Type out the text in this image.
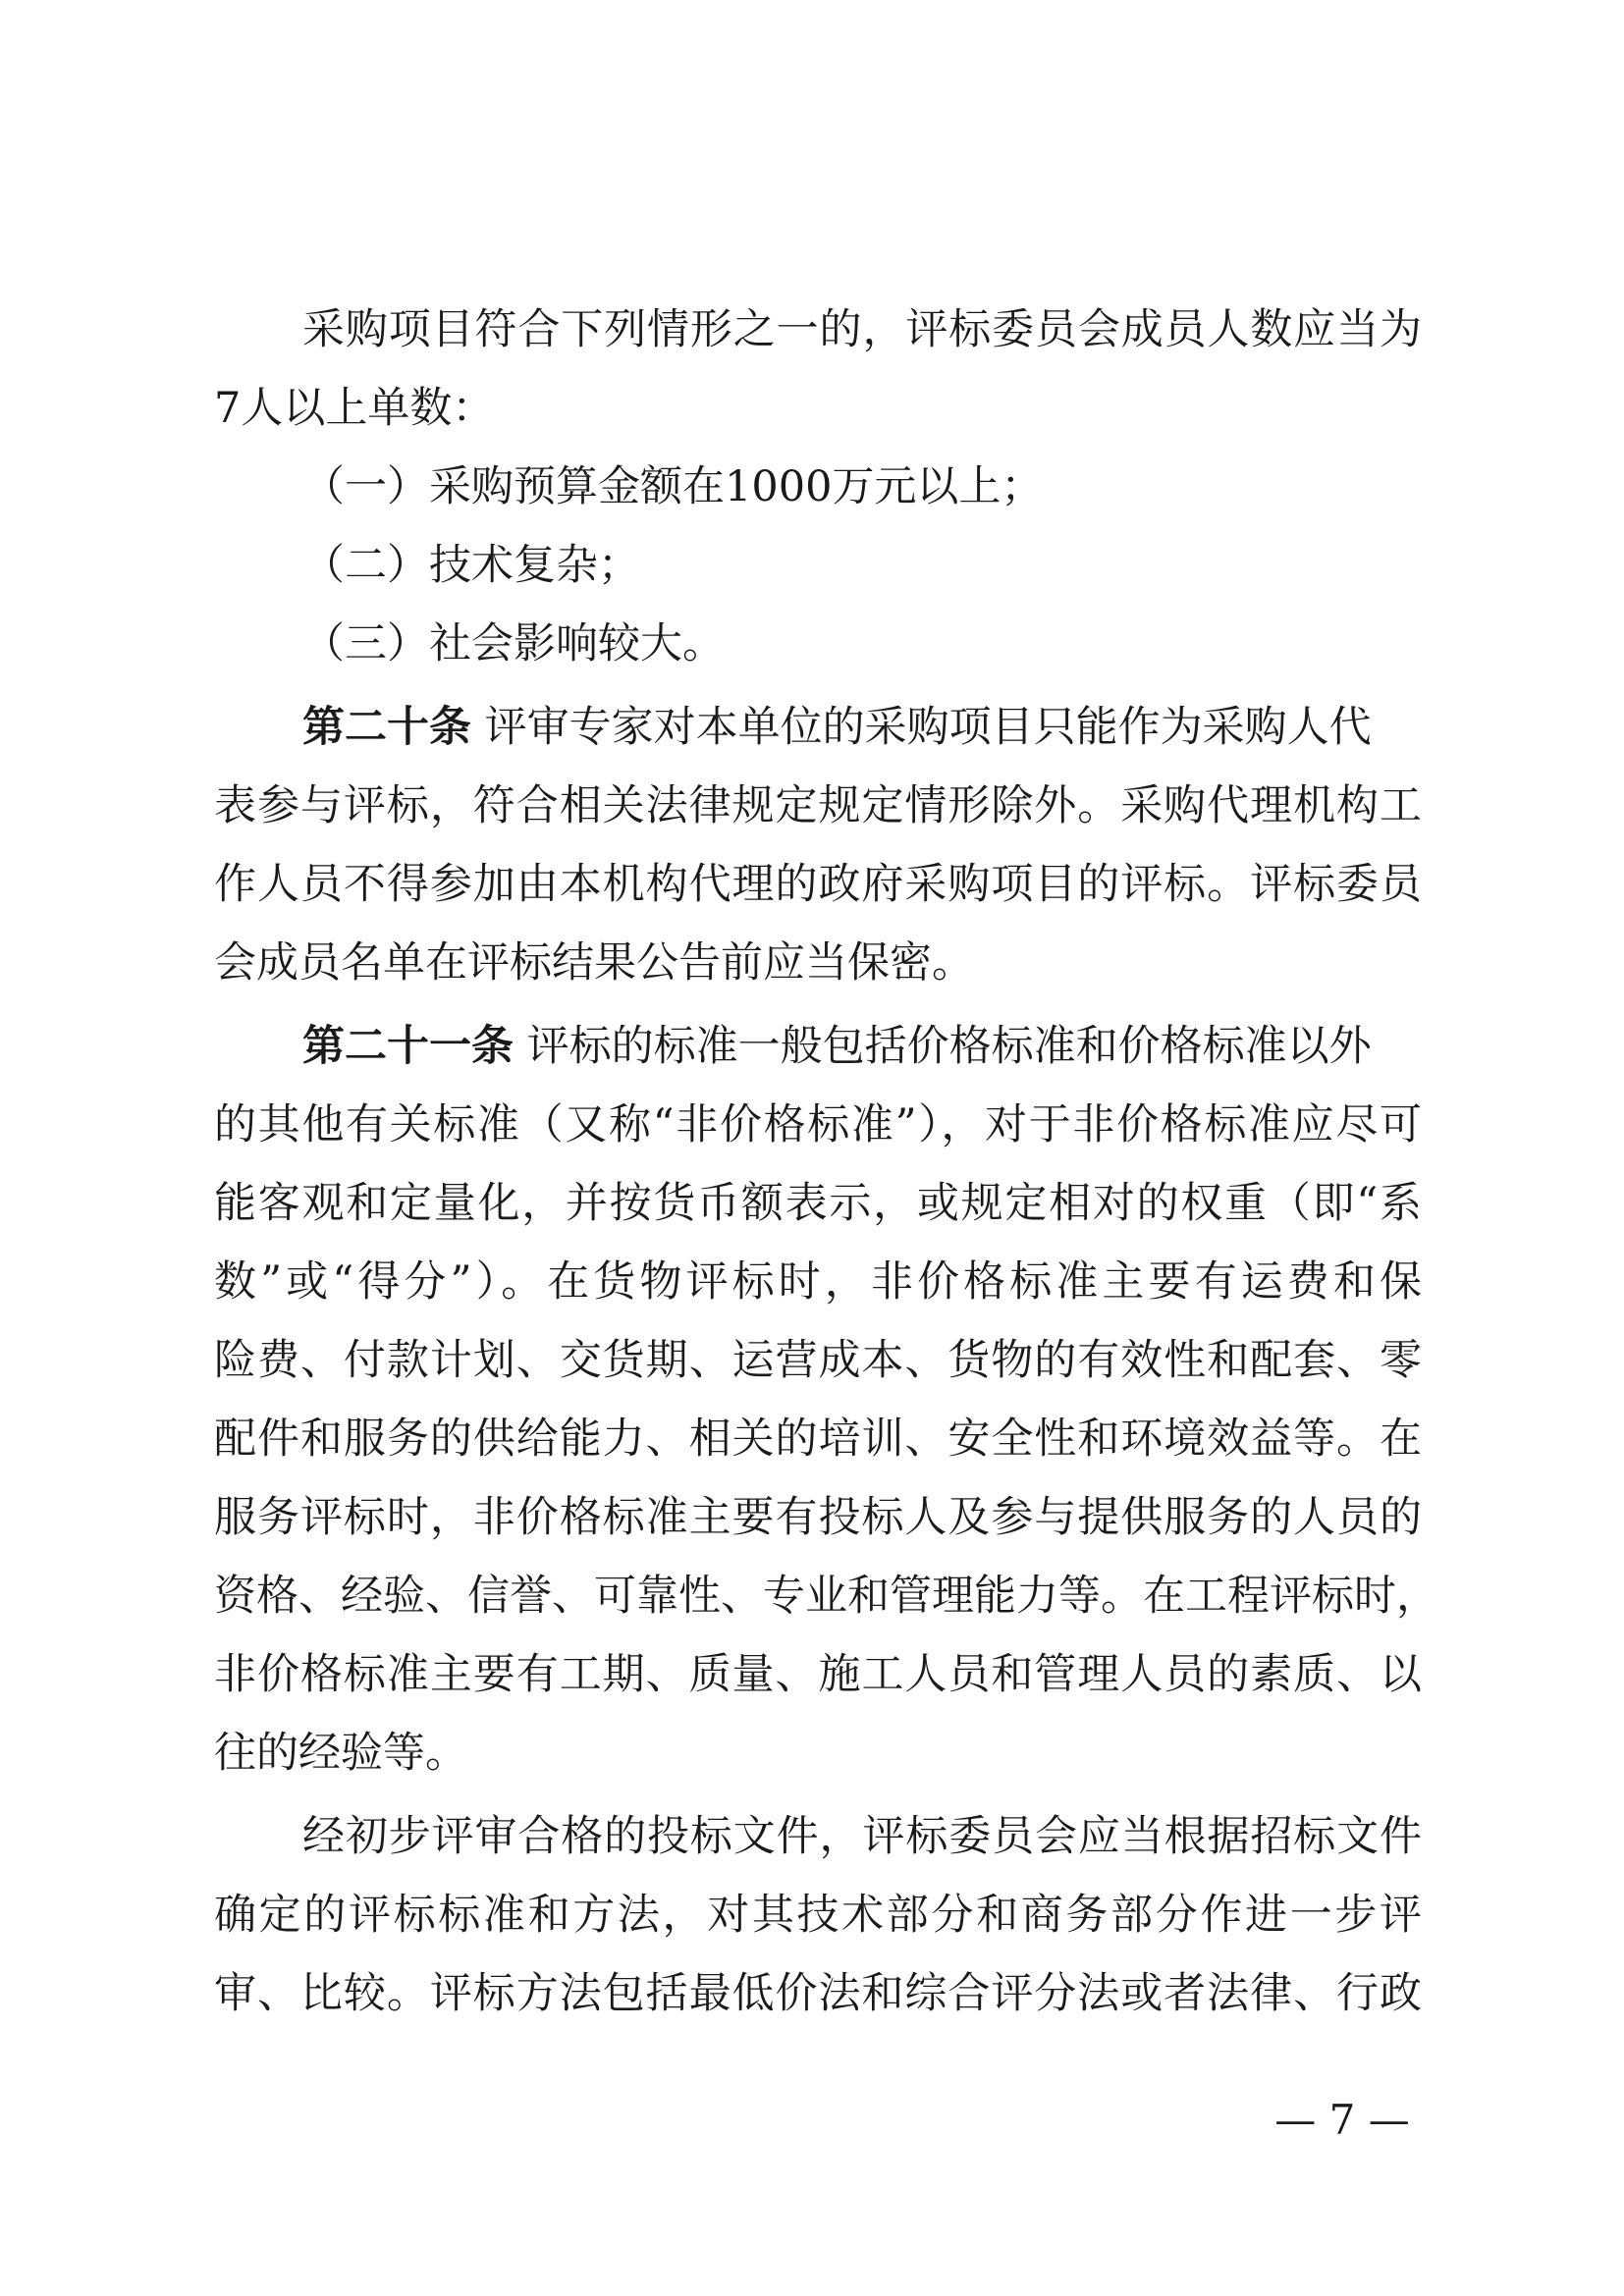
采购项目符合下列情形之一的，评标委员会成员人数应当为
7人以上单数：
（一）采购预算金额在1000万元以上；
（二）技术复杂；
（三）社会影响较大。
第二十条 评审专家对本单位的采购项目只能作为采购人代
表参与评标，符合相关法律规定规定情形除外。采购代理机构工
作人员不得参加由本机构代理的政府采购项目的评标。评标委员
会成员名单在评标结果公告前应当保密。
第二十一条 评标的标准一般包括价格标准和价格标准以外
的其他有关标准（又称“非价格标准”），对于非价格标准应尽可
能客观和定量化，并按货币额表示，或规定相对的权重（即“系
数”或“得分”）。在货物评标时，非价格标准主要有运费和保
险费、付款计划、交货期、运营成本、货物的有效性和配套、零
配件和服务的供给能力、相关的培训、安全性和环境效益等。在
服务评标时，非价格标准主要有投标人及参与提供服务的人员的
资格、经验、信誉、可靠性、专业和管理能力等。在工程评标时，
非价格标准主要有工期、质量、施工人员和管理人员的素质、以
往的经验等。
经初步评审合格的投标文件，评标委员会应当根据招标文件
确定的评标标准和方法，对其技术部分和商务部分作进一步评
审、比较。评标方法包括最低价法和综合评分法或者法律、行政
— 7 —
